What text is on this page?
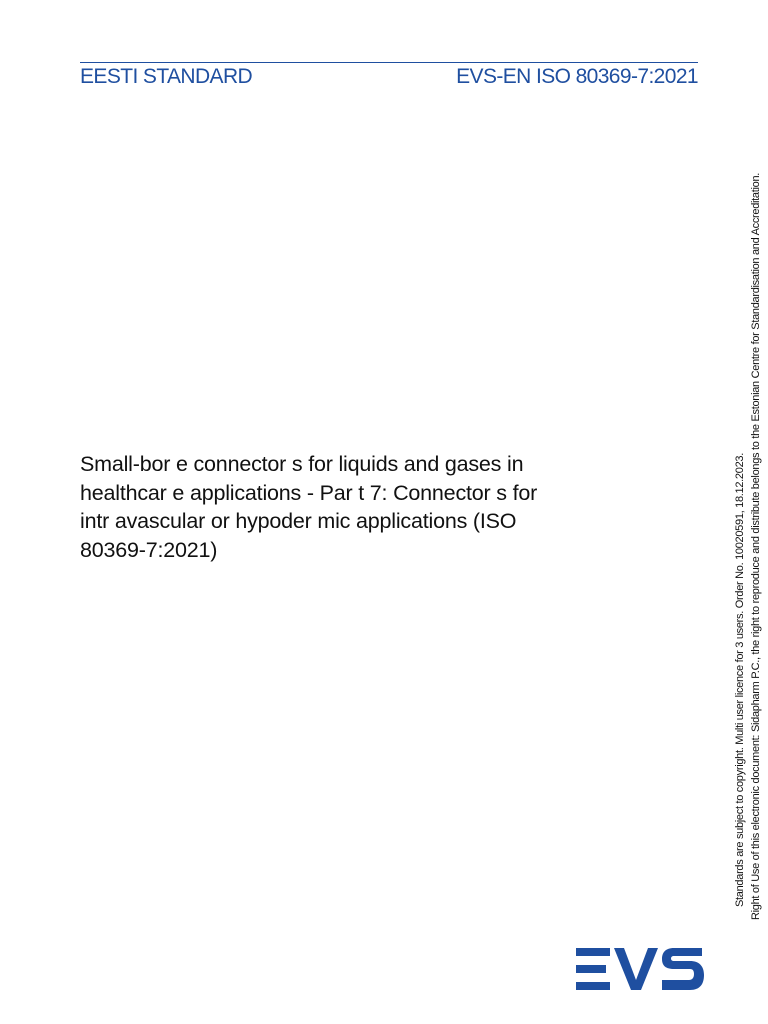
EESTI STANDARD	EVS-EN ISO 80369-7:2021
Small-bor e connector s for liquids and gases in
healthcar e applications - Par t 7: Connector s for
intr avascular or hypoder mic applications (ISO
80369-7:2021)	Standards are subject to copyright. Multi user licence for 3 users. Order No. 10020591, 18.12.2023. Right of Use of this electronic document: Sidapharm P.C., the right to reproduce and distribute belongs to the Estonian Centre for Standardisation and Accreditation.
